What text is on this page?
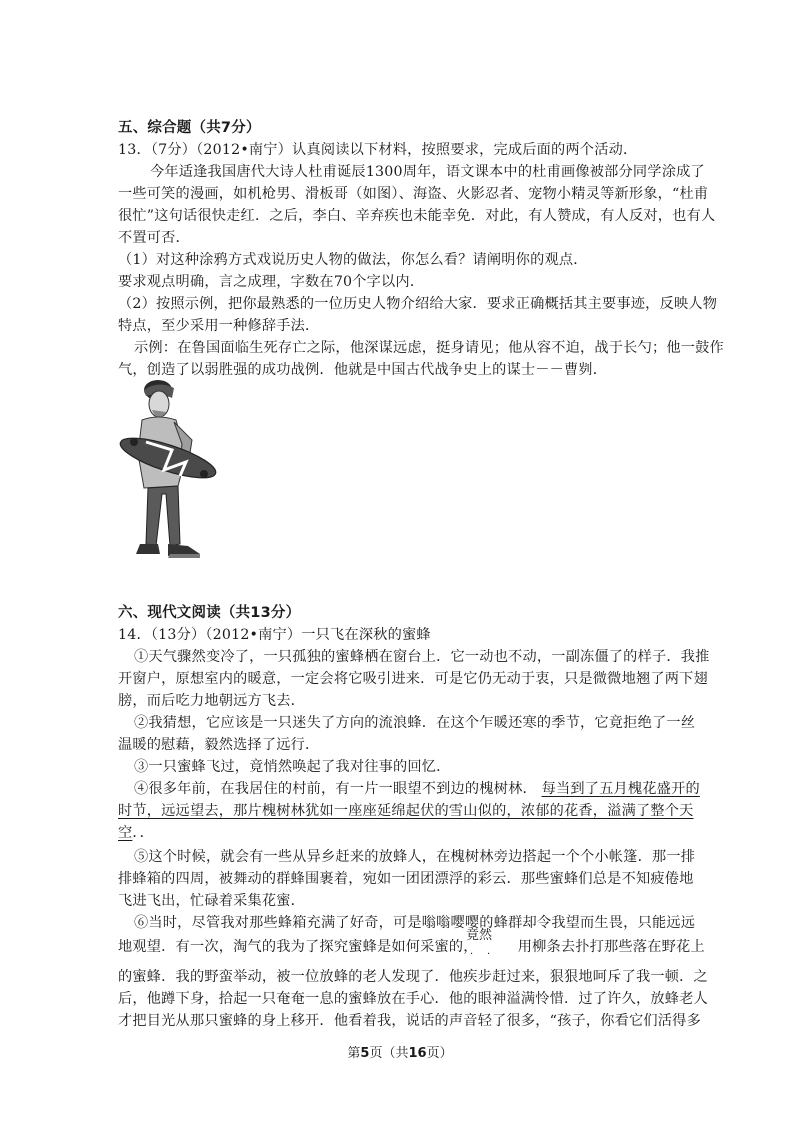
五、综合题（共7分）
13．（7分）（2012•南宁）认真阅读以下材料，按照要求，完成后面的两个活动．
今年适逢我国唐代大诗人杜甫诞辰1300周年，语文课本中的杜甫画像被部分同学涂成了
一些可笑的漫画，如机枪男、滑板哥（如图）、海盗、火影忍者、宠物小精灵等新形象，“杜甫
很忙”这句话很快走红．之后，李白、辛弃疾也未能幸免．对此，有人赞成，有人反对，也有人
不置可否．
（1）对这种涂鸦方式戏说历史人物的做法，你怎么看？请阐明你的观点．
要求观点明确，言之成理，字数在70个字以内．
（2）按照示例，把你最熟悉的一位历史人物介绍给大家．要求正确概括其主要事迹，反映人物
特点，至少采用一种修辞手法．
示例：在鲁国面临生死存亡之际，他深谋远虑，挺身请见；他从容不迫，战于长勺；他一鼓作
气，创造了以弱胜强的成功战例．他就是中国古代战争史上的谋士－－曹刿．
六、现代文阅读（共13分）
14．（13分）（2012•南宁）一只飞在深秋的蜜蜂
①天气骤然变冷了，一只孤独的蜜蜂栖在窗台上．它一动也不动，一副冻僵了的样子．我推
开窗户，原想室内的暖意，一定会将它吸引进来．可是它仍无动于衷，只是微微地翘了两下翅
膀，而后吃力地朝远方飞去．
②我猜想，它应该是一只迷失了方向的流浪蜂．在这个乍暖还寒的季节，它竟拒绝了一丝
温暖的慰藉，毅然选择了远行．
③一只蜜蜂飞过，竟悄然唤起了我对往事的回忆．
④很多年前，在我居住的村前，有一片一眼望不到边的槐树林． 每当到了五月槐花盛开的
时节，远远望去，那片槐树林犹如一座座延绵起伏的雪山似的，浓郁的花香，溢满了整个天
空．．
⑤这个时候，就会有一些从异乡赶来的放蜂人，在槐树林旁边搭起一个个小帐篷．那一排
排蜂箱的四周，被舞动的群蜂围裹着，宛如一团团漂浮的彩云．那些蜜蜂们总是不知疲倦地
飞进飞出，忙碌着采集花蜜．
⑥当时，尽管我对那些蜂箱充满了好奇，可是嗡嗡嘤嘤的蜂群却令我望而生畏，只能远远
地观望．有一次，淘气的我为了探究蜜蜂是如何采蜜的，	用柳条去扑打那些落在野花上
竟然
．．
的蜜蜂．我的野蛮举动，被一位放蜂的老人发现了．他疾步赶过来，狠狠地呵斥了我一顿．之
后，他蹲下身，拾起一只奄奄一息的蜜蜂放在手心．他的眼神溢满怜惜．过了许久，放蜂老人
才把目光从那只蜜蜂的身上移开．他看着我，说话的声音轻了很多，“孩子，你看它们活得多
第5页（共16页）
